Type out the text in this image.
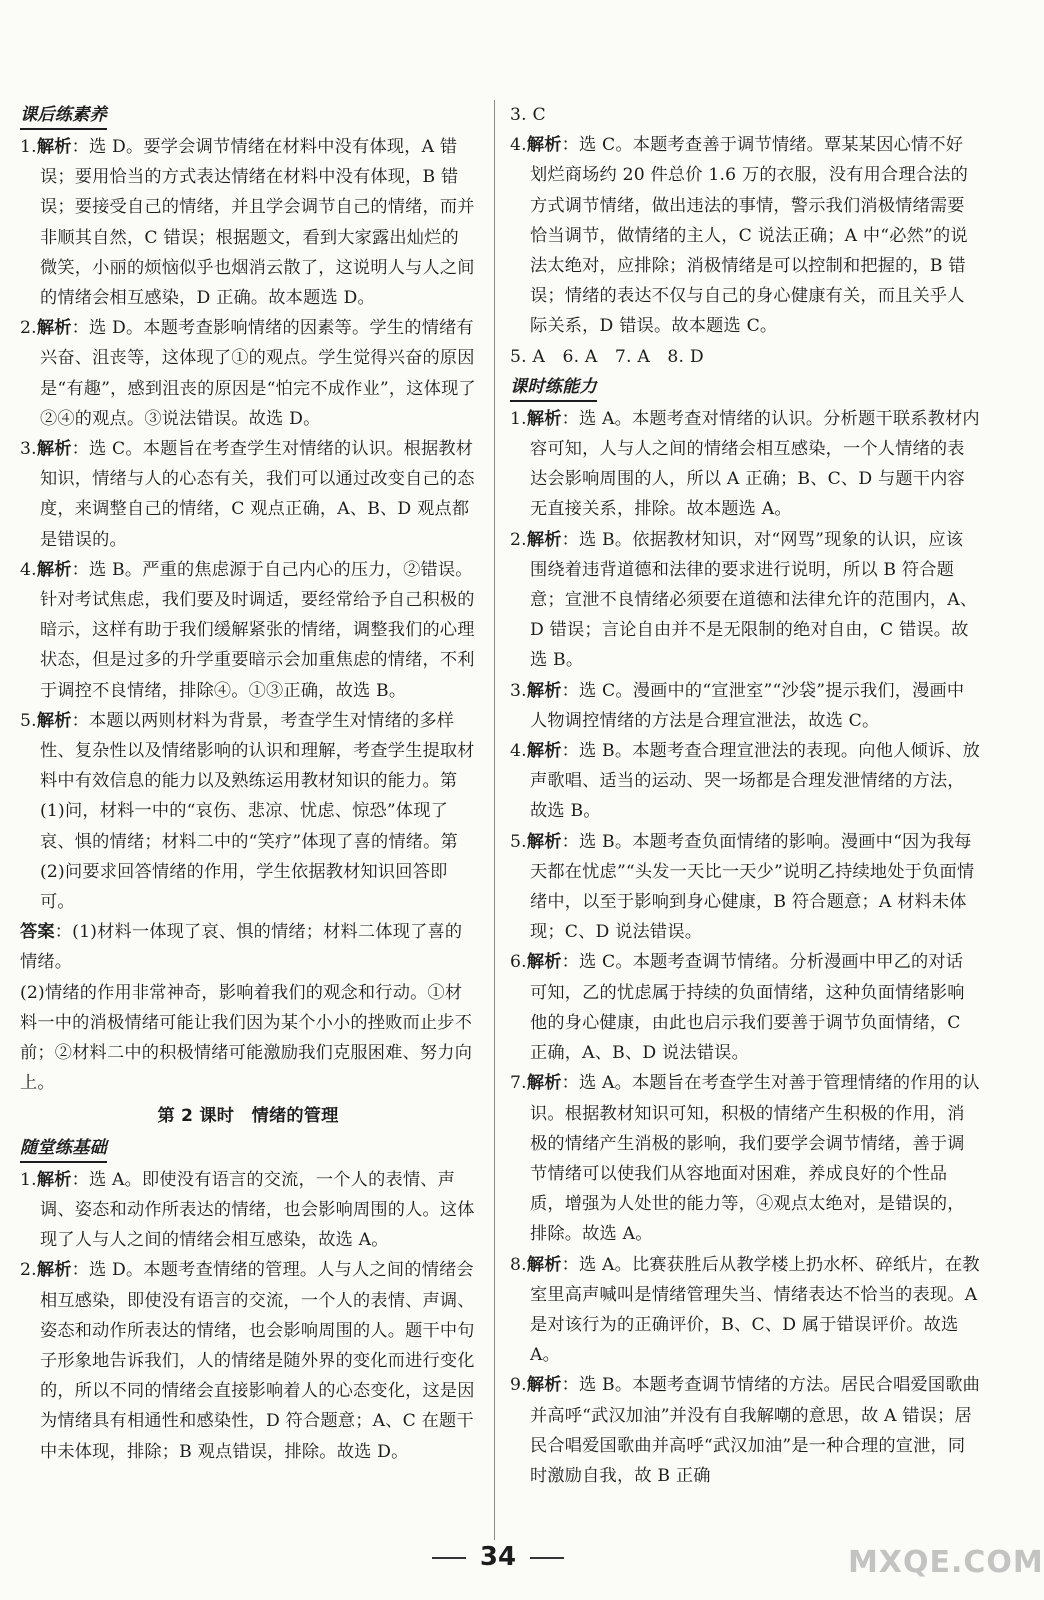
课后练素养

1.解析：选 D。要学会调节情绪在材料中没有体现，A 错误；要用恰当的方式表达情绪在材料中没有体现，B 错误；要接受自己的情绪，并且学会调节自己的情绪，而并非顺其自然，C 错误；根据题文，看到大家露出灿烂的微笑，小丽的烦恼似乎也烟消云散了，这说明人与人之间的情绪会相互感染，D 正确。故本题选 D。

2.解析：选 D。本题考查影响情绪的因素等。学生的情绪有兴奋、沮丧等，这体现了①的观点。学生觉得兴奋的原因是“有趣”，感到沮丧的原因是“怕完不成作业”，这体现了②④的观点。③说法错误。故选 D。

3.解析：选 C。本题旨在考查学生对情绪的认识。根据教材知识，情绪与人的心态有关，我们可以通过改变自己的态度，来调整自己的情绪，C 观点正确，A、B、D 观点都是错误的。

4.解析：选 B。严重的焦虑源于自己内心的压力，②错误。针对考试焦虑，我们要及时调适，要经常给予自己积极的暗示，这样有助于我们缓解紧张的情绪，调整我们的心理状态，但是过多的升学重要暗示会加重焦虑的情绪，不利于调控不良情绪，排除④。①③正确，故选 B。

5.解析：本题以两则材料为背景，考查学生对情绪的多样性、复杂性以及情绪影响的认识和理解，考查学生提取材料中有效信息的能力以及熟练运用教材知识的能力。第(1)问，材料一中的“哀伤、悲凉、忧虑、惊恐”体现了哀、惧的情绪；材料二中的“笑疗”体现了喜的情绪。第(2)问要求回答情绪的作用，学生依据教材知识回答即可。

答案：(1)材料一体现了哀、惧的情绪；材料二体现了喜的情绪。

(2)情绪的作用非常神奇，影响着我们的观念和行动。①材料一中的消极情绪可能让我们因为某个小小的挫败而止步不前；②材料二中的积极情绪可能激励我们克服困难、努力向上。

第 2 课时　情绪的管理
随堂练基础

1.解析：选 A。即使没有语言的交流，一个人的表情、声调、姿态和动作所表达的情绪，也会影响周围的人。这体现了人与人之间的情绪会相互感染，故选 A。

2.解析：选 D。本题考查情绪的管理。人与人之间的情绪会相互感染，即使没有语言的交流，一个人的表情、声调、姿态和动作所表达的情绪，也会影响周围的人。题干中句子形象地告诉我们，人的情绪是随外界的变化而进行变化的，所以不同的情绪会直接影响着人的心态变化，这是因为情绪具有相通性和感染性，D 符合题意；A、C 在题干中未体现，排除；B 观点错误，排除。故选 D。

3. C

4.解析：选 C。本题考查善于调节情绪。覃某某因心情不好划烂商场约 20 件总价 1.6 万的衣服，没有用合理合法的方式调节情绪，做出违法的事情，警示我们消极情绪需要恰当调节，做情绪的主人，C 说法正确；A 中“必然”的说法太绝对，应排除；消极情绪是可以控制和把握的，B 错误；情绪的表达不仅与自己的身心健康有关，而且关乎人际关系，D 错误。故本题选 C。

5. A　6. A　7. A　8. D

课时练能力

1.解析：选 A。本题考查对情绪的认识。分析题干联系教材内容可知，人与人之间的情绪会相互感染，一个人情绪的表达会影响周围的人，所以 A 正确；B、C、D 与题干内容无直接关系，排除。故本题选 A。

2.解析：选 B。依据教材知识，对“网骂”现象的认识，应该围绕着违背道德和法律的要求进行说明，所以 B 符合题意；宣泄不良情绪必须要在道德和法律允许的范围内，A、D 错误；言论自由并不是无限制的绝对自由，C 错误。故选 B。

3.解析：选 C。漫画中的“宣泄室”“沙袋”提示我们，漫画中人物调控情绪的方法是合理宣泄法，故选 C。

4.解析：选 B。本题考查合理宣泄法的表现。向他人倾诉、放声歌唱、适当的运动、哭一场都是合理发泄情绪的方法，故选 B。

5.解析：选 B。本题考查负面情绪的影响。漫画中“因为我每天都在忧虑”“头发一天比一天少”说明乙持续地处于负面情绪中，以至于影响到身心健康，B 符合题意；A 材料未体现；C、D 说法错误。

6.解析：选 C。本题考查调节情绪。分析漫画中甲乙的对话可知，乙的忧虑属于持续的负面情绪，这种负面情绪影响他的身心健康，由此也启示我们要善于调节负面情绪，C 正确，A、B、D 说法错误。

7.解析：选 A。本题旨在考查学生对善于管理情绪的作用的认识。根据教材知识可知，积极的情绪产生积极的作用，消极的情绪产生消极的影响，我们要学会调节情绪，善于调节情绪可以使我们从容地面对困难，养成良好的个性品质，增强为人处世的能力等，④观点太绝对，是错误的，排除。故选 A。

8.解析：选 A。比赛获胜后从教学楼上扔水杯、碎纸片，在教室里高声喊叫是情绪管理失当、情绪表达不恰当的表现。A 是对该行为的正确评价，B、C、D 属于错误评价。故选 A。

9.解析：选 B。本题考查调节情绪的方法。居民合唱爱国歌曲并高呼“武汉加油”并没有自我解嘲的意思，故 A 错误；居民合唱爱国歌曲并高呼“武汉加油”是一种合理的宣泄，同时激励自我，故 B 正确

34	MXQE.COM
